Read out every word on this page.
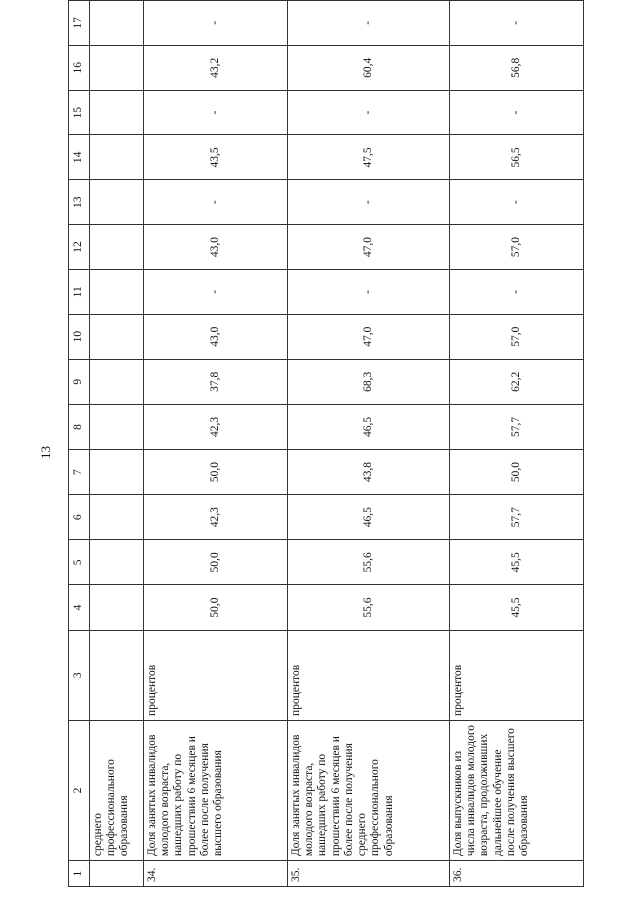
13
1	2	3	4	5	6	7	8	9	10	11	12	13	14	15	16	17
	среднего профессионального образования															
34.	Доля занятых инвалидов молодого возраста, нашедших работу по прошествии 6 месяцев и более после получения высшего образования	процентов	50,0	50,0	42,3	50,0	42,3	37,8	43,0	-	43,0	-	43,5	-	43,2	-
35.	Доля занятых инвалидов молодого возраста, нашедших работу по прошествии 6 месяцев и более после получения среднего профессионального образования	процентов	55,6	55,6	46,5	43,8	46,5	68,3	47,0	-	47,0	-	47,5	-	60,4	-
36.	Доля выпускников из числа инвалидов молодого возраста, продолживших дальнейшее обучение после получения высшего образования	процентов	45,5	45,5	57,7	50,0	57,7	62,2	57,0	-	57,0	-	56,5	-	56,8	-
